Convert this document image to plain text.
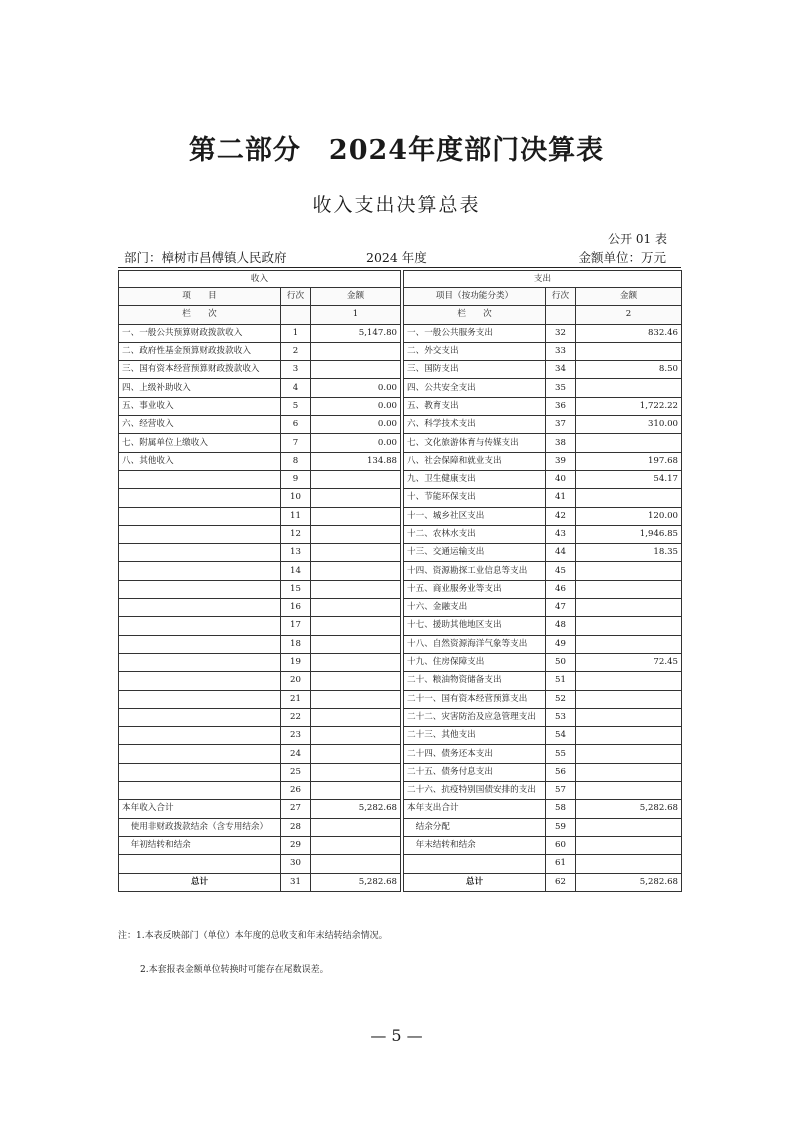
第二部分　2024年度部门决算表
收入支出决算总表
公开 01 表
部门：樟树市昌傅镇人民政府	2024 年度	金额单位：万元
收入				支出		
项　　目	行次	金额		项目（按功能分类）	行次	金额
栏　　次		1		栏　　次		2
一、一般公共预算财政拨款收入	1	5,147.80		一、一般公共服务支出	32	832.46
二、政府性基金预算财政拨款收入	2			二、外交支出	33	
三、国有资本经营预算财政拨款收入	3			三、国防支出	34	8.50
四、上级补助收入	4	0.00		四、公共安全支出	35	
五、事业收入	5	0.00		五、教育支出	36	1,722.22
六、经营收入	6	0.00		六、科学技术支出	37	310.00
七、附属单位上缴收入	7	0.00		七、文化旅游体育与传媒支出	38	
八、其他收入	8	134.88		八、社会保障和就业支出	39	197.68
	9			九、卫生健康支出	40	54.17
	10			十、节能环保支出	41	
	11			十一、城乡社区支出	42	120.00
	12			十二、农林水支出	43	1,946.85
	13			十三、交通运输支出	44	18.35
	14			十四、资源勘探工业信息等支出	45	
	15			十五、商业服务业等支出	46	
	16			十六、金融支出	47	
	17			十七、援助其他地区支出	48	
	18			十八、自然资源海洋气象等支出	49	
	19			十九、住房保障支出	50	72.45
	20			二十、粮油物资储备支出	51	
	21			二十一、国有资本经营预算支出	52	
	22			二十二、灾害防治及应急管理支出	53	
	23			二十三、其他支出	54	
	24			二十四、债务还本支出	55	
	25			二十五、债务付息支出	56	
	26			二十六、抗疫特别国债安排的支出	57	
本年收入合计	27	5,282.68		本年支出合计	58	5,282.68
　使用非财政拨款结余（含专用结余）	28			　结余分配	59	
　年初结转和结余	29			　年末结转和结余	60	
	30				61	
总计	31	5,282.68		总计	62	5,282.68
注：1.本表反映部门（单位）本年度的总收支和年末结转结余情况。
2.本套报表金额单位转换时可能存在尾数误差。
— 5 —
